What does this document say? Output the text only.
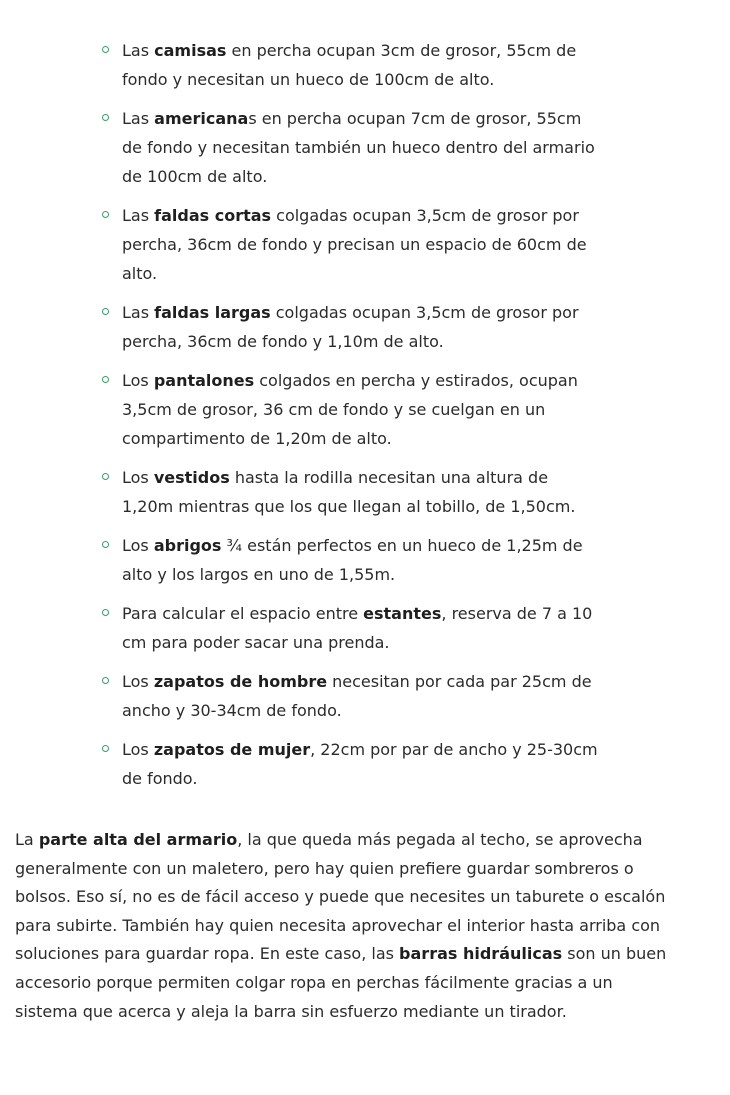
Las camisas en percha ocupan 3cm de grosor, 55cm de fondo y necesitan un hueco de 100cm de alto.
Las americanas en percha ocupan 7cm de grosor, 55cm de fondo y necesitan también un hueco dentro del armario de 100cm de alto.
Las faldas cortas colgadas ocupan 3,5cm de grosor por percha, 36cm de fondo y precisan un espacio de 60cm de alto.
Las faldas largas colgadas ocupan 3,5cm de grosor por percha, 36cm de fondo y 1,10m de alto.
Los pantalones colgados en percha y estirados, ocupan 3,5cm de grosor, 36 cm de fondo y se cuelgan en un compartimento de 1,20m de alto.
Los vestidos hasta la rodilla necesitan una altura de 1,20m mientras que los que llegan al tobillo, de 1,50cm.
Los abrigos ¾ están perfectos en un hueco de 1,25m de alto y los largos en uno de 1,55m.
Para calcular el espacio entre estantes, reserva de 7 a 10 cm para poder sacar una prenda.
Los zapatos de hombre necesitan por cada par 25cm de ancho y 30-34cm de fondo.
Los zapatos de mujer, 22cm por par de ancho y 25-30cm de fondo.

La parte alta del armario, la que queda más pegada al techo, se aprovecha generalmente con un maletero, pero hay quien prefiere guardar sombreros o bolsos. Eso sí, no es de fácil acceso y puede que necesites un taburete o escalón para subirte. También hay quien necesita aprovechar el interior hasta arriba con soluciones para guardar ropa. En este caso, las barras hidráulicas son un buen accesorio porque permiten colgar ropa en perchas fácilmente gracias a un sistema que acerca y aleja la barra sin esfuerzo mediante un tirador.
